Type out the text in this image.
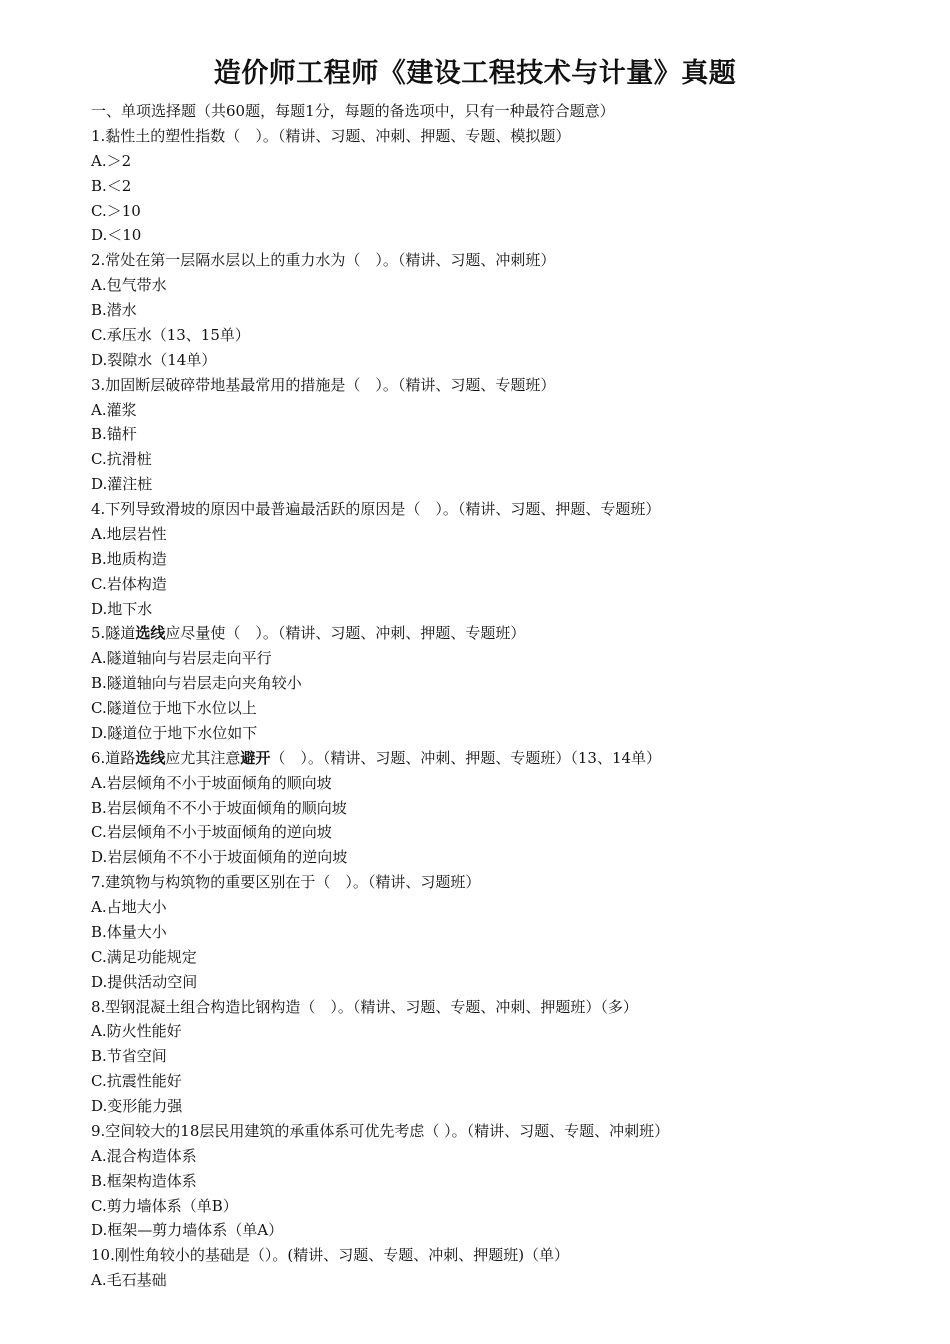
造价师工程师《建设工程技术与计量》真题
一、单项选择题（共60题，每题1分，每题的备选项中，只有一种最符合题意）
1.黏性土的塑性指数（　）。（精讲、习题、冲刺、押题、专题、模拟题）
A.＞2
B.＜2
C.＞10
D.＜10
2.常处在第一层隔水层以上的重力水为（　）。（精讲、习题、冲刺班）
A.包气带水
B.潜水
C.承压水（13、15单）
D.裂隙水（14单）
3.加固断层破碎带地基最常用的措施是（　）。（精讲、习题、专题班）
A.灌浆
B.锚杆
C.抗滑桩
D.灌注桩
4.下列导致滑坡的原因中最普遍最活跃的原因是（　）。（精讲、习题、押题、专题班）
A.地层岩性
B.地质构造
C.岩体构造
D.地下水
5.隧道选线应尽量使（　）。（精讲、习题、冲刺、押题、专题班）
A.隧道轴向与岩层走向平行
B.隧道轴向与岩层走向夹角较小
C.隧道位于地下水位以上
D.隧道位于地下水位如下
6.道路选线应尤其注意避开（　）。（精讲、习题、冲刺、押题、专题班）（13、14单）
A.岩层倾角不小于坡面倾角的顺向坡
B.岩层倾角不不小于坡面倾角的顺向坡
C.岩层倾角不小于坡面倾角的逆向坡
D.岩层倾角不不小于坡面倾角的逆向坡
7.建筑物与构筑物的重要区别在于（　）。（精讲、习题班）
A.占地大小
B.体量大小
C.满足功能规定
D.提供活动空间
8.型钢混凝土组合构造比钢构造（　）。（精讲、习题、专题、冲刺、押题班）（多）
A.防火性能好
B.节省空间
C.抗震性能好
D.变形能力强
9.空间较大的18层民用建筑的承重体系可优先考虑（ ）。（精讲、习题、专题、冲刺班）
A.混合构造体系
B.框架构造体系
C.剪力墙体系（单B）
D.框架—剪力墙体系（单A）
10.刚性角较小的基础是（）。(精讲、习题、专题、冲刺、押题班)（单）
A.毛石基础
